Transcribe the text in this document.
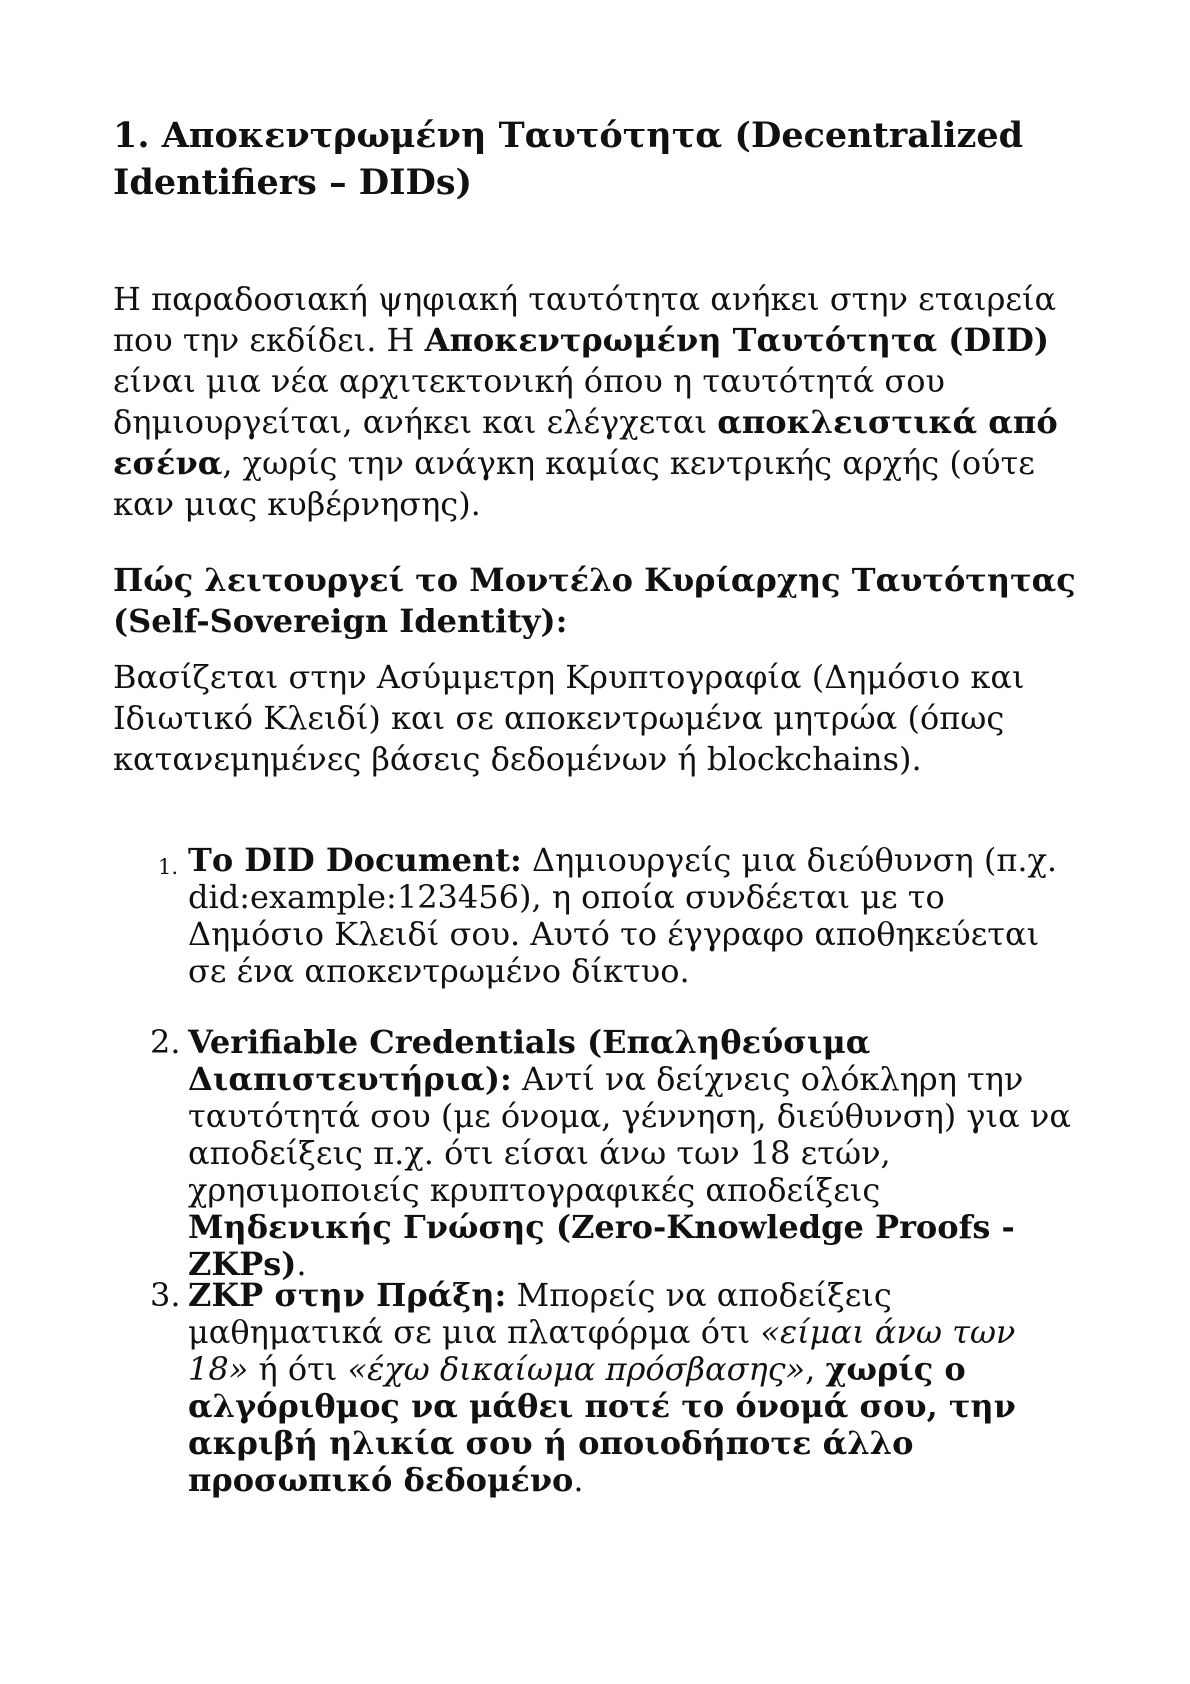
1. Αποκεντρωμένη Ταυτότητα (Decentralized Identifiers – DIDs)

Η παραδοσιακή ψηφιακή ταυτότητα ανήκει στην εταιρεία που την εκδίδει. Η Αποκεντρωμένη Ταυτότητα (DID) είναι μια νέα αρχιτεκτονική όπου η ταυτότητά σου δημιουργείται, ανήκει και ελέγχεται αποκλειστικά από εσένα, χωρίς την ανάγκη καμίας κεντρικής αρχής (ούτε καν μιας κυβέρνησης).

Πώς λειτουργεί το Μοντέλο Κυρίαρχης Ταυτότητας (Self-Sovereign Identity):

Βασίζεται στην Ασύμμετρη Κρυπτογραφία (Δημόσιο και Ιδιωτικό Κλειδί) και σε αποκεντρωμένα μητρώα (όπως κατανεμημένες βάσεις δεδομένων ή blockchains).

1. Το DID Document: Δημιουργείς μια διεύθυνση (π.χ. did:example:123456), η οποία συνδέεται με το Δημόσιο Κλειδί σου. Αυτό το έγγραφο αποθηκεύεται σε ένα αποκεντρωμένο δίκτυο.
2. Verifiable Credentials (Επαληθεύσιμα Διαπιστευτήρια): Αντί να δείχνεις ολόκληρη την ταυτότητά σου (με όνομα, γέννηση, διεύθυνση) για να αποδείξεις π.χ. ότι είσαι άνω των 18 ετών, χρησιμοποιείς κρυπτογραφικές αποδείξεις Μηδενικής Γνώσης (Zero-Knowledge Proofs - ZKPs).
3. ZKP στην Πράξη: Μπορείς να αποδείξεις μαθηματικά σε μια πλατφόρμα ότι «είμαι άνω των 18» ή ότι «έχω δικαίωμα πρόσβασης», χωρίς ο αλγόριθμος να μάθει ποτέ το όνομά σου, την ακριβή ηλικία σου ή οποιοδήποτε άλλο προσωπικό δεδομένο.
